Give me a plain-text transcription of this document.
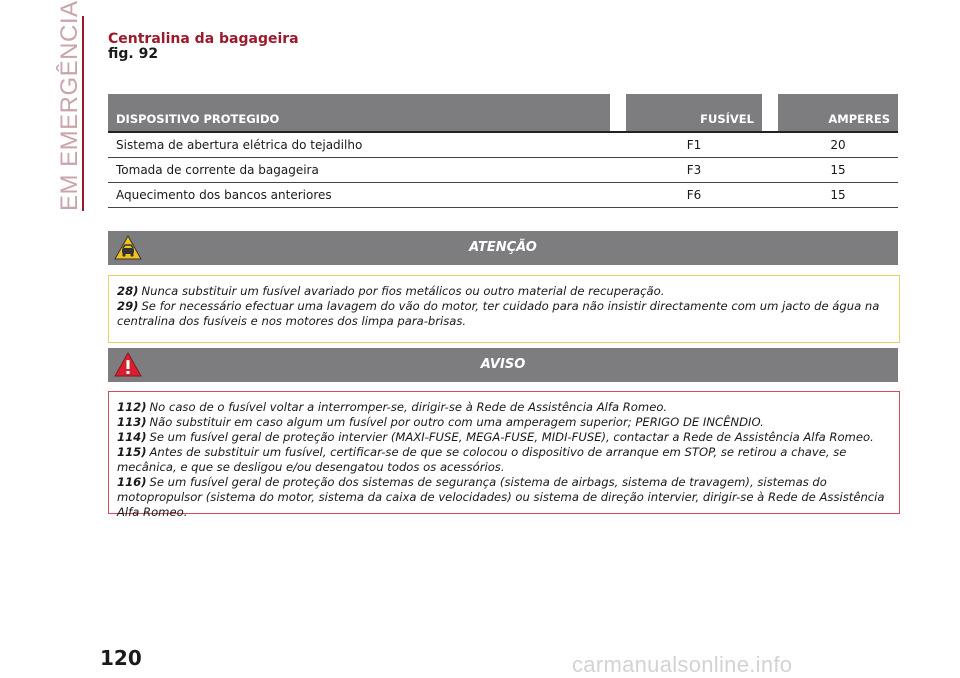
EM EMERGÊNCIA Centralina da bagageira
fig. 92
DISPOSITIVO PROTEGIDO		FUSÍVEL		AMPERES
Sistema de abertura elétrica do tejadilho		F1		20
Tomada de corrente da bagageira		F3		15
Aquecimento dos bancos anteriores		F6		15
ATENÇÃO

28) Nunca substituir um fusível avariado por fios metálicos ou outro material de recuperação.

29) Se for necessário efectuar uma lavagem do vão do motor, ter cuidado para não insistir directamente com um jacto de água na centralina dos fusíveis e nos motores dos limpa para-brisas.

AVISO

112) No caso de o fusível voltar a interromper-se, dirigir-se à Rede de Assistência Alfa Romeo.

113) Não substituir em caso algum um fusível por outro com uma amperagem superior; PERIGO DE INCÊNDIO.

114) Se um fusível geral de proteção intervier (MAXI-FUSE, MEGA-FUSE, MIDI-FUSE), contactar a Rede de Assistência Alfa Romeo.

115) Antes de substituir um fusível, certificar-se de que se colocou o dispositivo de arranque em STOP, se retirou a chave, se mecânica, e que se desligou e/ou desengatou todos os acessórios.

116) Se um fusível geral de proteção dos sistemas de segurança (sistema de airbags, sistema de travagem), sistemas do motopropulsor (sistema do motor, sistema da caixa de velocidades) ou sistema de direção intervier, dirigir-se à Rede de Assistência Alfa Romeo.

120	carmanualsonline.info
